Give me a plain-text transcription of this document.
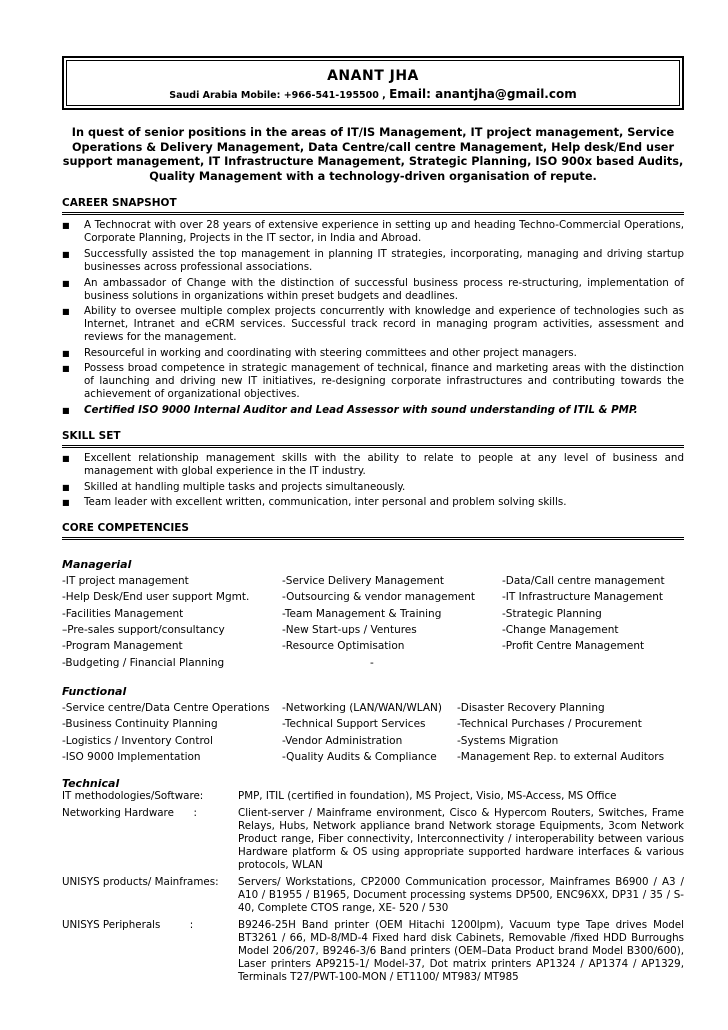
ANANT JHA
Saudi Arabia Mobile: +966-541-195500 , Email: anantjha@gmail.com

In quest of senior positions in the areas of IT/IS Management, IT project management, Service Operations & Delivery Management, Data Centre/call centre Management, Help desk/End user support management, IT Infrastructure Management, Strategic Planning, ISO 900x based Audits, Quality Management with a technology-driven organisation of repute.

CAREER SNAPSHOT
■ A Technocrat with over 28 years of extensive experience in setting up and heading Techno-Commercial Operations, Corporate Planning, Projects in the IT sector, in India and Abroad.
■ Successfully assisted the top management in planning IT strategies, incorporating, managing and driving startup businesses across professional associations.
■ An ambassador of Change with the distinction of successful business process re-structuring, implementation of business solutions in organizations within preset budgets and deadlines.
■ Ability to oversee multiple complex projects concurrently with knowledge and experience of technologies such as Internet, Intranet and eCRM services. Successful track record in managing program activities, assessment and reviews for the management.
■ Resourceful in working and coordinating with steering committees and other project managers.
■ Possess broad competence in strategic management of technical, finance and marketing areas with the distinction of launching and driving new IT initiatives, re-designing corporate infrastructures and contributing towards the achievement of organizational objectives.
■ Certified ISO 9000 Internal Auditor and Lead Assessor with sound understanding of ITIL & PMP.
SKILL SET
■ Excellent relationship management skills with the ability to relate to people at any level of business and management with global experience in the IT industry.
■ Skilled at handling multiple tasks and projects simultaneously.
■ Team leader with excellent written, communication, inter personal and problem solving skills.
CORE COMPETENCIES
Managerial
-IT project management	-Service Delivery Management	-Data/Call centre management
-Help Desk/End user support Mgmt.	-Outsourcing & vendor management	-IT Infrastructure Management
-Facilities Management	-Team Management & Training	-Strategic Planning
–Pre-sales support/consultancy	-New Start-ups / Ventures	-Change Management
-Program Management	-Resource Optimisation	-Profit Centre Management
-Budgeting / Financial Planning	-
Functional
-Service centre/Data Centre Operations	-Networking (LAN/WAN/WLAN)	-Disaster Recovery Planning
-Business Continuity Planning	-Technical Support Services	-Technical Purchases / Procurement
-Logistics / Inventory Control	-Vendor Administration	-Systems Migration
-ISO 9000 Implementation	-Quality Audits & Compliance	-Management Rep. to external Auditors
Technical
IT methodologies/Software:	PMP, ITIL (certified in foundation), MS Project, Visio, MS-Access, MS Office
Networking Hardware      :	Client-server / Mainframe environment, Cisco & Hypercom Routers, Switches, Frame Relays, Hubs, Network appliance brand Network storage Equipments, 3com Network Product range, Fiber connectivity, Interconnectivity / interoperability between various Hardware platform & OS using appropriate supported hardware interfaces & various protocols, WLAN
UNISYS products/ Mainframes:	Servers/ Workstations, CP2000 Communication processor, Mainframes B6900 / A3 / A10 / B1955 / B1965, Document processing systems DP500, ENC96XX, DP31 / 35 / S-40, Complete CTOS range, XE- 520 / 530
UNISYS Peripherals         :	B9246-25H Band printer (OEM Hitachi 1200lpm), Vacuum type Tape drives Model BT3261 / 66, MD-8/MD-4 Fixed hard disk Cabinets, Removable /fixed HDD Burroughs Model 206/207, B9246-3/6 Band printers (OEM–Data Product brand Model B300/600), Laser printers AP9215-1/ Model-37, Dot matrix printers AP1324 / AP1374 / AP1329, Terminals T27/PWT-100-MON / ET1100/ MT983/ MT985
